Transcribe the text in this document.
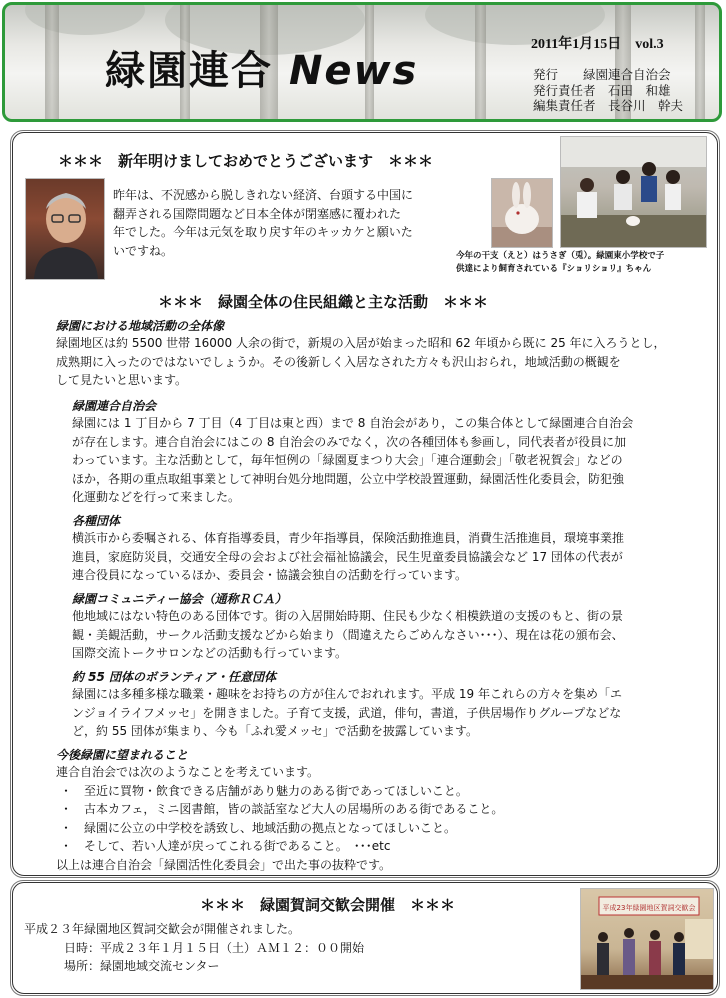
緑園連合 News
2011年1月15日　vol.3
発行　　緑園連合自治会
発行責任者　石田　和雄
編集責任者　長谷川　幹夫
＊＊＊　新年明けましておめでとうございます　＊＊＊
昨年は、不況感から脱しきれない経済、台頭する中国に
翻弄される国際問題など日本全体が閉塞感に覆われた
年でした。今年は元気を取り戻す年のキッカケと願いた
いですね。	今年の干支（えと）はうさぎ（兎）。緑園東小学校で子
供達により飼育されている『ショリショリ』ちゃん
＊＊＊　緑園全体の住民組織と主な活動　＊＊＊
緑園における地域活動の全体像
緑園地区は約 5500 世帯 16000 人余の街で，新規の入居が始まった昭和 62 年頃から既に 25 年に入ろうとし，
成熟期に入ったのではないでしょうか。その後新しく入居なされた方々も沢山おられ，地域活動の概観を
して見たいと思います。
緑園連合自治会
緑園には 1 丁目から 7 丁目（4 丁目は東と西）まで 8 自治会があり，この集合体として緑園連合自治会
が存在します。連合自治会にはこの 8 自治会のみでなく，次の各種団体も参画し，同代表者が役員に加
わっています。主な活動として，毎年恒例の「緑園夏まつり大会」「連合運動会」「敬老祝賀会」などの
ほか，各期の重点取組事業として神明台処分地問題，公立中学校設置運動，緑園活性化委員会，防犯強
化運動などを行って来ました。
各種団体
横浜市から委嘱される、体育指導委員，青少年指導員，保険活動推進員，消費生活推進員，環境事業推
進員，家庭防災員，交通安全母の会および社会福祉協議会，民生児童委員協議会など 17 団体の代表が
連合役員になっているほか、委員会・協議会独自の活動を行っています。
緑園コミュニティー協会（通称ＲＣＡ）
他地域にはない特色のある団体です。街の入居開始時期、住民も少なく相模鉄道の支援のもと、街の景
観・美観活動，サークル活動支援などから始まり（間違えたらごめんなさい･･･）、現在は花の頒布会、
国際交流トークサロンなどの活動も行っています。
約 55 団体のボランティア・任意団体
緑園には多種多様な職業・趣味をお持ちの方が住んでおれれます。平成 19 年これらの方々を集め「エ
ンジョイライフメッセ」を開きました。子育て支援，武道，俳句，書道，子供居場作りグループなどな
ど，約 55 団体が集まり、今も「ふれ愛メッセ」で活動を披露しています。
今後緑園に望まれること
連合自治会では次のようなことを考えています。
・　至近に買物・飲食できる店舗があり魅力のある街であってほしいこと。
・　古本カフェ，ミニ図書館，皆の談話室など大人の居場所のある街であること。
・　緑園に公立の中学校を誘致し、地域活動の拠点となってほしいこと。
・　そして、若い人達が戻ってこれる街であること。　･･･etc
以上は連合自治会「緑園活性化委員会」で出た事の抜粋です。
＊＊＊　緑園賀詞交歓会開催　＊＊＊
平成２３年緑園地区賀詞交歓会が開催されました。
日時：平成２３年１月１５日（土）ＡＭ１２：００開始
場所：緑園地域交流センター
平成23年緑園地区賀詞交歓会
